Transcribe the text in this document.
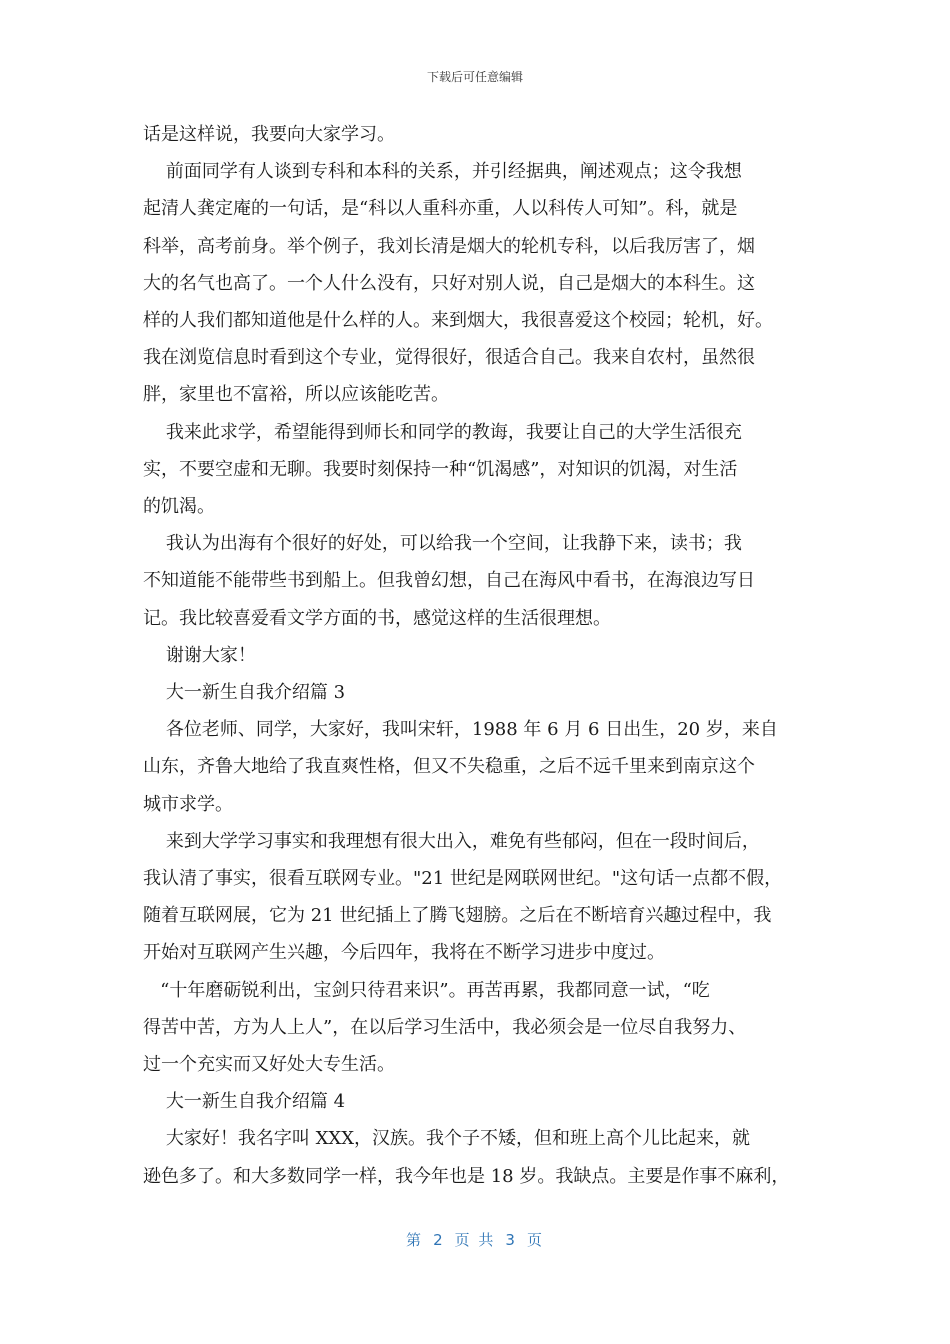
下载后可任意编辑

话是这样说，我要向大家学习。

前面同学有人谈到专科和本科的关系，并引经据典，阐述观点；这令我想

起清人龚定庵的一句话，是“科以人重科亦重，人以科传人可知”。科，就是

科举，高考前身。举个例子，我刘长清是烟大的轮机专科，以后我厉害了，烟

大的名气也高了。一个人什么没有，只好对别人说，自己是烟大的本科生。这

样的人我们都知道他是什么样的人。来到烟大，我很喜爱这个校园；轮机，好。

我在浏览信息时看到这个专业，觉得很好，很适合自己。我来自农村，虽然很

胖，家里也不富裕，所以应该能吃苦。

我来此求学，希望能得到师长和同学的教诲，我要让自己的大学生活很充

实，不要空虚和无聊。我要时刻保持一种“饥渴感”，对知识的饥渴，对生活

的饥渴。

我认为出海有个很好的好处，可以给我一个空间，让我静下来，读书；我

不知道能不能带些书到船上。但我曾幻想，自己在海风中看书，在海浪边写日

记。我比较喜爱看文学方面的书，感觉这样的生活很理想。

谢谢大家！

大一新生自我介绍篇 3

各位老师、同学，大家好，我叫宋轩，1988 年 6 月 6 日出生，20 岁，来自

山东，齐鲁大地给了我直爽性格，但又不失稳重，之后不远千里来到南京这个

城市求学。

来到大学学习事实和我理想有很大出入，难免有些郁闷，但在一段时间后，

我认清了事实，很看互联网专业。"21 世纪是网联网世纪。"这句话一点都不假，

随着互联网展，它为 21 世纪插上了腾飞翅膀。之后在不断培育兴趣过程中，我

开始对互联网产生兴趣，今后四年，我将在不断学习进步中度过。

“十年磨砺锐利出，宝剑只待君来识”。再苦再累，我都同意一试，“吃

得苦中苦，方为人上人”，在以后学习生活中，我必须会是一位尽自我努力、

过一个充实而又好处大专生活。

大一新生自我介绍篇 4

大家好！我名字叫 XXX，汉族。我个子不矮，但和班上高个儿比起来，就

逊色多了。和大多数同学一样，我今年也是 18 岁。我缺点。主要是作事不麻利，

第 2 页 共 3 页
